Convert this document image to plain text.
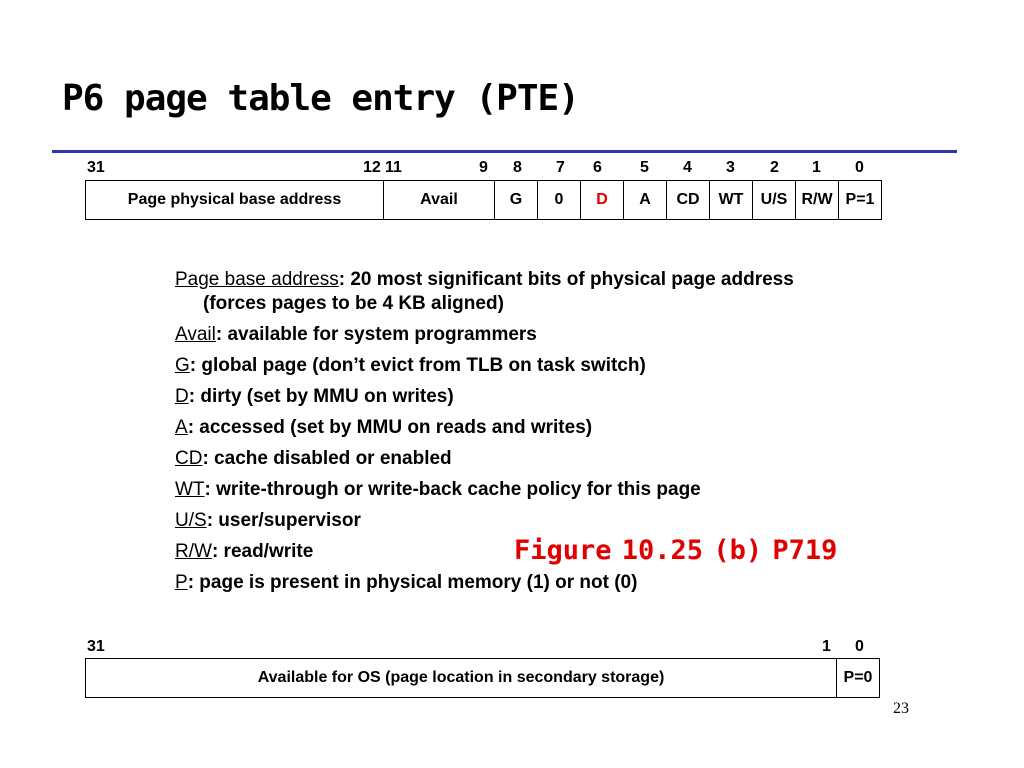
P6 page table entry (PTE)
31	12 11	9 8 7 6 5 4 3 2 1 0
Page physical base address	Avail	G	0	D	A	CD	WT	U/S	R/W	P=1

Page base address: 20 most significant bits of physical page address (forces pages to be 4 KB aligned)

Avail: available for system programmers

G: global page (don’t evict from TLB on task switch)

D: dirty (set by MMU on writes)

A: accessed (set by MMU on reads and writes)

CD: cache disabled or enabled

WT: write-through or write-back cache policy for this page

U/S: user/supervisor

R/W: read/write

P: page is present in physical memory (1) or not (0)

Figure 10.25 (b) P719

31	1 0
Available for OS (page location in secondary storage)	P=0
23
